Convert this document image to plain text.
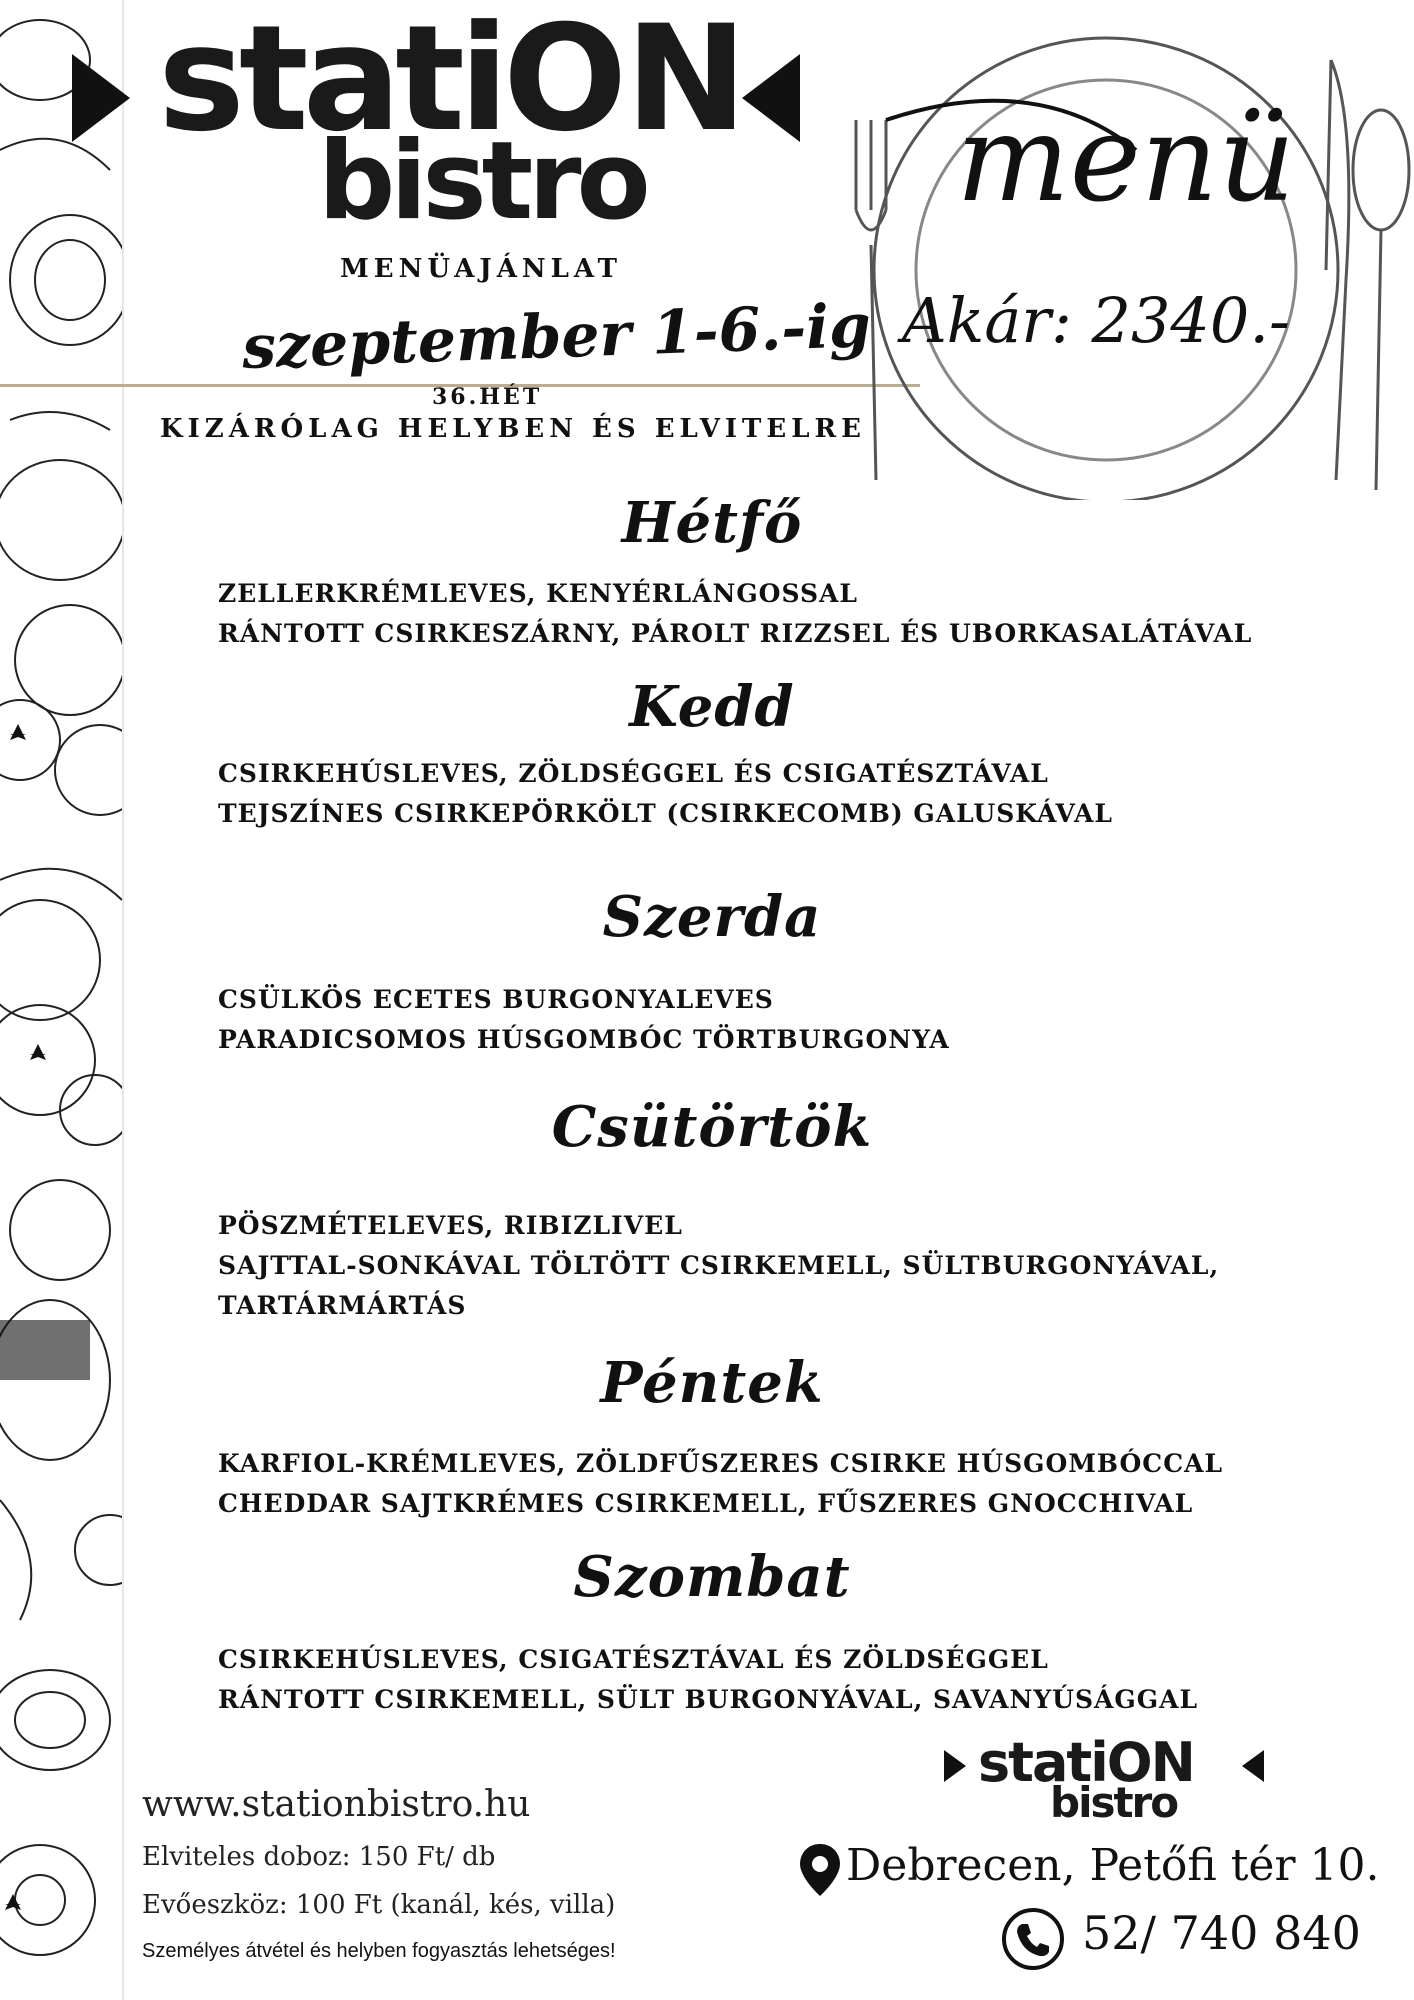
statiON
bistro
MENÜAJÁNLAT
szeptember 1-6.-ig
36.HÉT
KIZÁRÓLAG HELYBEN ÉS ELVITELRE
menü
Akár: 2340.-
Hétfő
ZELLERKRÉMLEVES, KENYÉRLÁNGOSSAL
RÁNTOTT CSIRKESZÁRNY, PÁROLT RIZZSEL ÉS UBORKASALÁTÁVAL
Kedd
CSIRKEHÚSLEVES, ZÖLDSÉGGEL ÉS CSIGATÉSZTÁVAL
TEJSZÍNES CSIRKEPÖRKÖLT (CSIRKECOMB) GALUSKÁVAL
Szerda
CSÜLKÖS ECETES BURGONYALEVES
PARADICSOMOS HÚSGOMBÓC TÖRTBURGONYA
Csütörtök
PÖSZMÉTELEVES, RIBIZLIVEL
SAJTTAL-SONKÁVAL TÖLTÖTT CSIRKEMELL, SÜLTBURGONYÁVAL,
TARTÁRMÁRTÁS
Péntek
KARFIOL-KRÉMLEVES, ZÖLDFŰSZERES CSIRKE HÚSGOMBÓCCAL
CHEDDAR SAJTKRÉMES CSIRKEMELL, FŰSZERES GNOCCHIVAL
Szombat
CSIRKEHÚSLEVES, CSIGATÉSZTÁVAL ÉS ZÖLDSÉGGEL
RÁNTOTT CSIRKEMELL, SÜLT BURGONYÁVAL, SAVANYÚSÁGGAL
www.stationbistro.hu
Elviteles doboz: 150 Ft/ db
Evőeszköz: 100 Ft (kanál, kés, villa)
Személyes átvétel és helyben fogyasztás lehetséges!
statiON
bistro
Debrecen, Petőfi tér 10.
52/ 740 840
